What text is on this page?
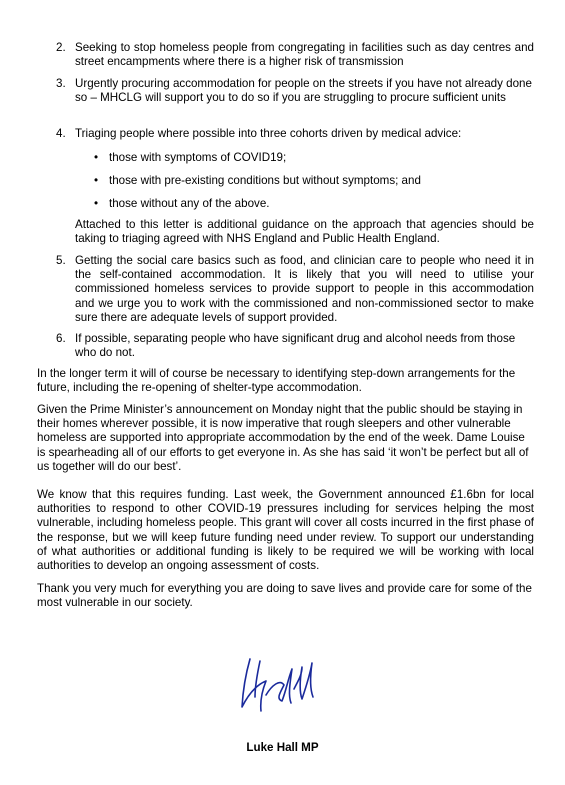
2. Seeking to stop homeless people from congregating in facilities such as day centres and street encampments where there is a higher risk of transmission
3. Urgently procuring accommodation for people on the streets if you have not already done so – MHCLG will support you to do so if you are struggling to procure sufficient units
4. Triaging people where possible into three cohorts driven by medical advice:
• those with symptoms of COVID19;
• those with pre-existing conditions but without symptoms; and
• those without any of the above.
Attached to this letter is additional guidance on the approach that agencies should be taking to triaging agreed with NHS England and Public Health England.
5. Getting the social care basics such as food, and clinician care to people who need it in the self-contained accommodation. It is likely that you will need to utilise your commissioned homeless services to provide support to people in this accommodation and we urge you to work with the commissioned and non-commissioned sector to make sure there are adequate levels of support provided.
6. If possible, separating people who have significant drug and alcohol needs from those who do not.
In the longer term it will of course be necessary to identifying step-down arrangements for the future, including the re-opening of shelter-type accommodation.
Given the Prime Minister’s announcement on Monday night that the public should be staying in their homes wherever possible, it is now imperative that rough sleepers and other vulnerable homeless are supported into appropriate accommodation by the end of the week. Dame Louise is spearheading all of our efforts to get everyone in. As she has said ‘it won’t be perfect but all of us together will do our best’.
We know that this requires funding. Last week, the Government announced £1.6bn for local authorities to respond to other COVID-19 pressures including for services helping the most vulnerable, including homeless people. This grant will cover all costs incurred in the first phase of the response, but we will keep future funding need under review. To support our understanding of what authorities or additional funding is likely to be required we will be working with local authorities to develop an ongoing assessment of costs.
Thank you very much for everything you are doing to save lives and provide care for some of the most vulnerable in our society.
Luke Hall MP
